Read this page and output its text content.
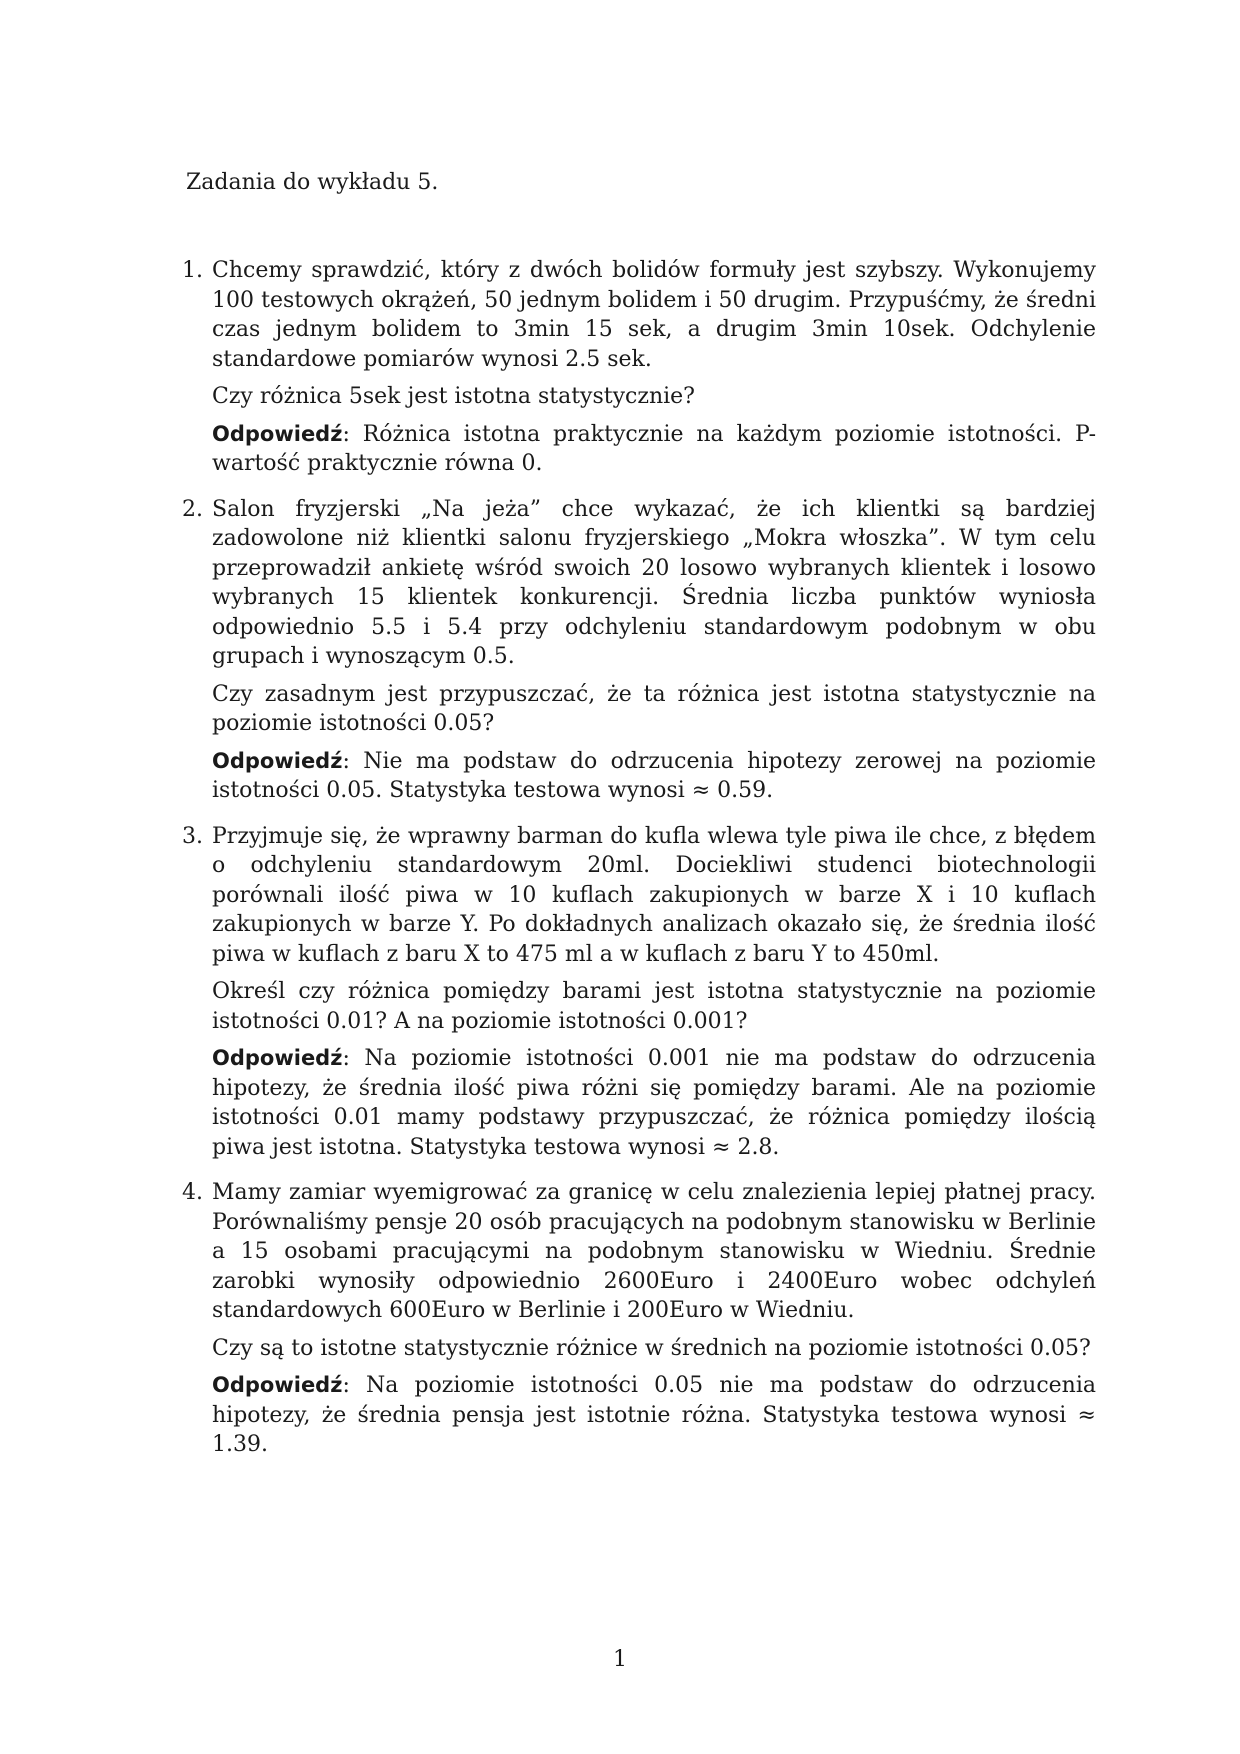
Zadania do wykładu 5.
1. Chcemy sprawdzić, który z dwóch bolidów formuły jest szybszy. Wykonujemy 100 testowych okrążeń, 50 jednym bolidem i 50 drugim. Przypuśćmy, że średni czas jednym bolidem to 3min 15 sek, a drugim 3min 10sek. Odchylenie standardowe pomiarów wynosi 2.5 sek.

Czy różnica 5sek jest istotna statystycznie?

Odpowiedź: Różnica istotna praktycznie na każdym poziomie istotności. P-wartość praktycznie równa 0.

2. Salon fryzjerski „Na jeża” chce wykazać, że ich klientki są bardziej zadowolone niż klientki salonu fryzjerskiego „Mokra włoszka”. W tym celu przeprowadził ankietę wśród swoich 20 losowo wybranych klientek i losowo wybranych 15 klientek konkurencji. Średnia liczba punktów wyniosła odpowiednio 5.5 i 5.4 przy odchyleniu standardowym podobnym w obu grupach i wynoszącym 0.5.

Czy zasadnym jest przypuszczać, że ta różnica jest istotna statystycznie na poziomie istotności 0.05?

Odpowiedź: Nie ma podstaw do odrzucenia hipotezy zerowej na poziomie istotności 0.05. Statystyka testowa wynosi ≈ 0.59.

3. Przyjmuje się, że wprawny barman do kufla wlewa tyle piwa ile chce, z błędem o odchyleniu standardowym 20ml. Dociekliwi studenci biotechnologii porównali ilość piwa w 10 kuflach zakupionych w barze X i 10 kuflach zakupionych w barze Y. Po dokładnych analizach okazało się, że średnia ilość piwa w kuflach z baru X to 475 ml a w kuflach z baru Y to 450ml.

Określ czy różnica pomiędzy barami jest istotna statystycznie na poziomie istotności 0.01? A na poziomie istotności 0.001?

Odpowiedź: Na poziomie istotności 0.001 nie ma podstaw do odrzucenia hipotezy, że średnia ilość piwa różni się pomiędzy barami. Ale na poziomie istotności 0.01 mamy podstawy przypuszczać, że różnica pomiędzy ilością piwa jest istotna. Statystyka testowa wynosi ≈ 2.8.

4. Mamy zamiar wyemigrować za granicę w celu znalezienia lepiej płatnej pracy. Porównaliśmy pensje 20 osób pracujących na podobnym stanowisku w Berlinie a 15 osobami pracującymi na podobnym stanowisku w Wiedniu. Średnie zarobki wynosiły odpowiednio 2600Euro i 2400Euro wobec odchyleń standardowych 600Euro w Berlinie i 200Euro w Wiedniu.

Czy są to istotne statystycznie różnice w średnich na poziomie istotności 0.05?

Odpowiedź: Na poziomie istotności 0.05 nie ma podstaw do odrzucenia hipotezy, że średnia pensja jest istotnie różna. Statystyka testowa wynosi ≈ 1.39.

1
